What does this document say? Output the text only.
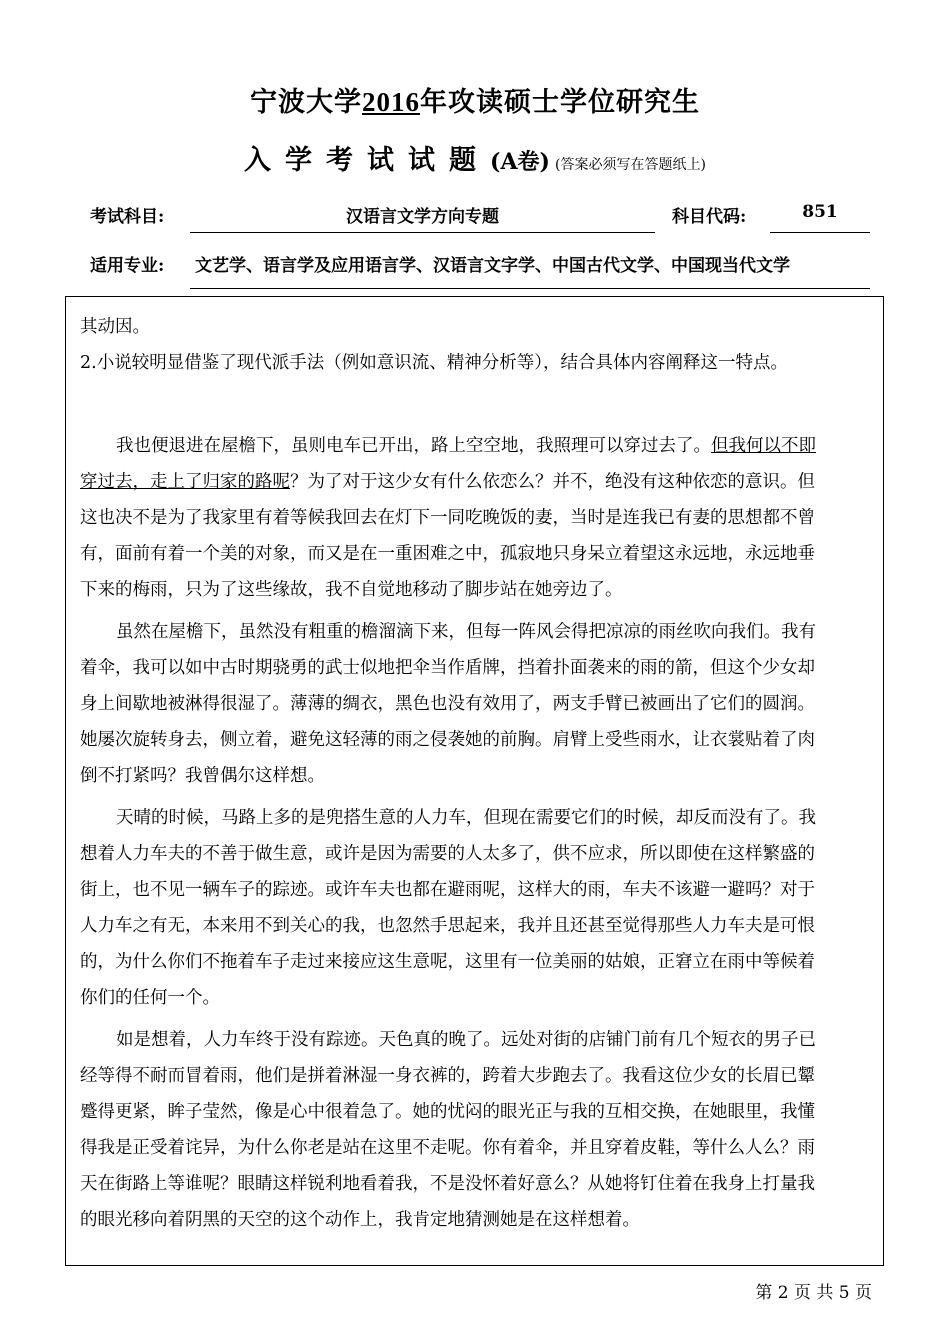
宁波大学2016年攻读硕士学位研究生
入学考试试题(A卷) (答案必须写在答题纸上)
考试科目:	汉语言文学方向专题	科目代码:	851
适用专业: 文艺学、语言学及应用语言学、汉语言文字学、中国古代文学、中国现当代文学
其动因。
2.小说较明显借鉴了现代派手法（例如意识流、精神分析等），结合具体内容阐释这一特点。
我也便退进在屋檐下，虽则电车已开出，路上空空地，我照理可以穿过去了。但我何以不即
穿过去，走上了归家的路呢？为了对于这少女有什么依恋么？并不，绝没有这种依恋的意识。但
这也决不是为了我家里有着等候我回去在灯下一同吃晚饭的妻，当时是连我已有妻的思想都不曾
有，面前有着一个美的对象，而又是在一重困难之中，孤寂地只身呆立着望这永远地，永远地垂
下来的梅雨，只为了这些缘故，我不自觉地移动了脚步站在她旁边了。
虽然在屋檐下，虽然没有粗重的檐溜滴下来，但每一阵风会得把凉凉的雨丝吹向我们。我有
着伞，我可以如中古时期骁勇的武士似地把伞当作盾牌，挡着扑面袭来的雨的箭，但这个少女却
身上间歇地被淋得很湿了。薄薄的绸衣，黑色也没有效用了，两支手臂已被画出了它们的圆润。
她屡次旋转身去，侧立着，避免这轻薄的雨之侵袭她的前胸。肩臂上受些雨水，让衣裳贴着了肉
倒不打紧吗？我曾偶尔这样想。
天晴的时候，马路上多的是兜搭生意的人力车，但现在需要它们的时候，却反而没有了。我
想着人力车夫的不善于做生意，或许是因为需要的人太多了，供不应求，所以即使在这样繁盛的
街上，也不见一辆车子的踪迹。或许车夫也都在避雨呢，这样大的雨，车夫不该避一避吗？对于
人力车之有无，本来用不到关心的我，也忽然手思起来，我并且还甚至觉得那些人力车夫是可恨
的，为什么你们不拖着车子走过来接应这生意呢，这里有一位美丽的姑娘，正窘立在雨中等候着
你们的任何一个。
如是想着，人力车终于没有踪迹。天色真的晚了。远处对街的店铺门前有几个短衣的男子已
经等得不耐而冒着雨，他们是拼着淋湿一身衣裤的，跨着大步跑去了。我看这位少女的长眉已颦
蹙得更紧，眸子莹然，像是心中很着急了。她的忧闷的眼光正与我的互相交换，在她眼里，我懂
得我是正受着诧异，为什么你老是站在这里不走呢。你有着伞，并且穿着皮鞋，等什么人么？雨
天在街路上等谁呢？眼睛这样锐利地看着我，不是没怀着好意么？从她将钉住着在我身上打量我
的眼光移向着阴黑的天空的这个动作上，我肯定地猜测她是在这样想着。
第 2 页 共 5 页
